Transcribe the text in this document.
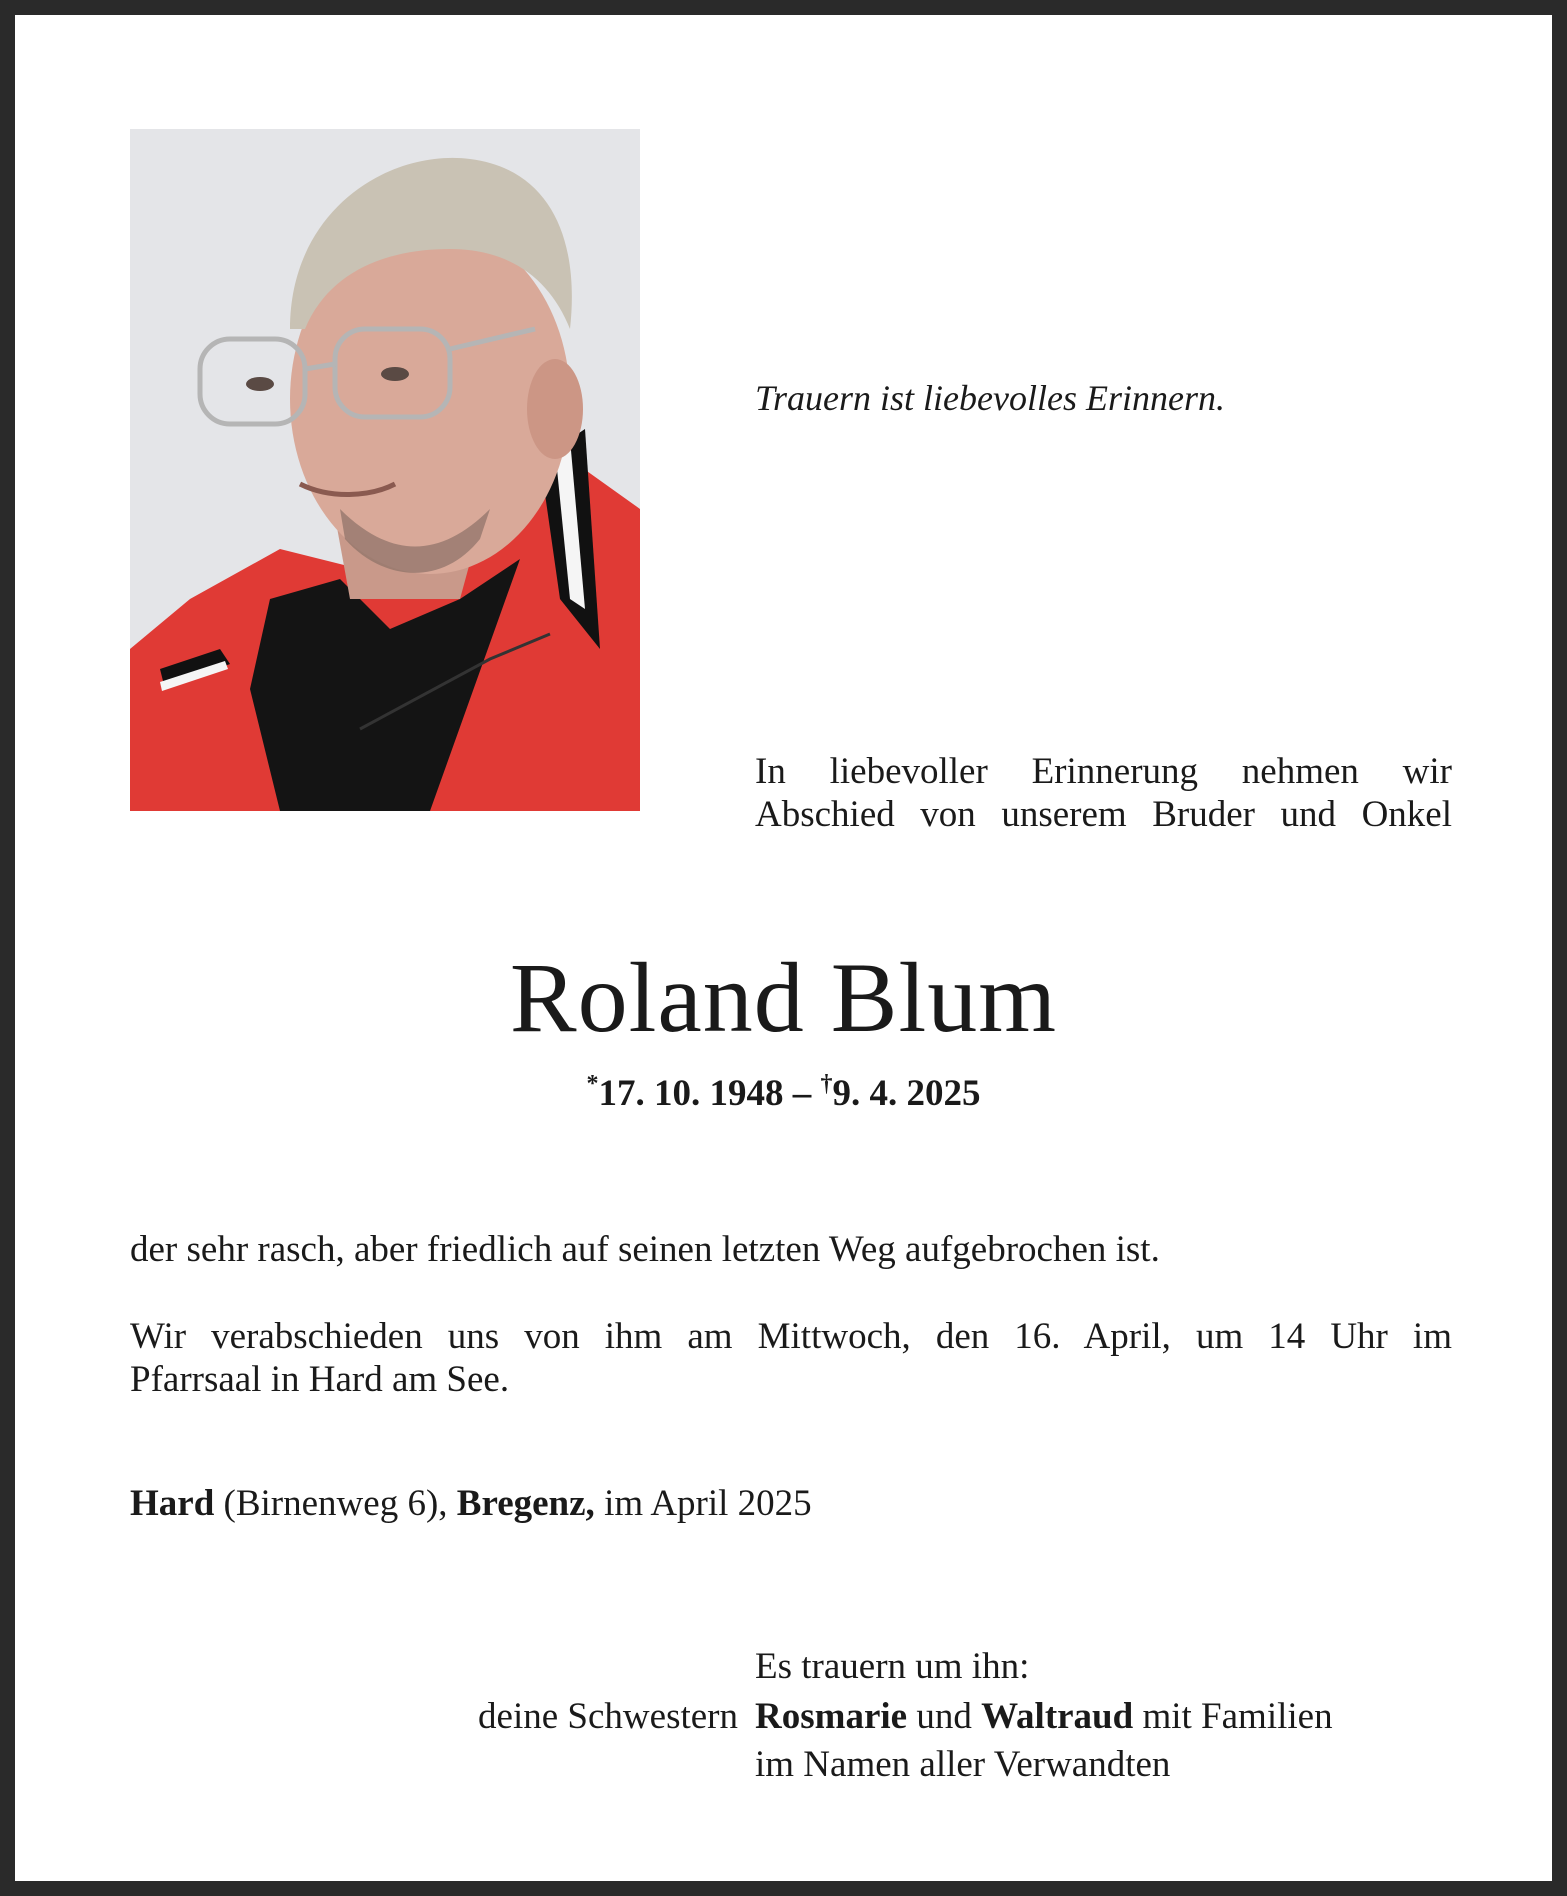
Trauern ist liebevolles Erinnern.
In liebevoller Erinnerung nehmen wir
Abschied von unserem Bruder und Onkel
Roland Blum
*17. 10. 1948 – †9. 4. 2025
der sehr rasch, aber friedlich auf seinen letzten Weg aufgebrochen ist.
Wir verabschieden uns von ihm am Mittwoch, den 16. April, um 14 Uhr im
Pfarrsaal in Hard am See.
Hard (Birnenweg 6), Bregenz, im April 2025
Es trauern um ihn:
deine Schwestern Rosmarie und Waltraud mit Familien
im Namen aller Verwandten
